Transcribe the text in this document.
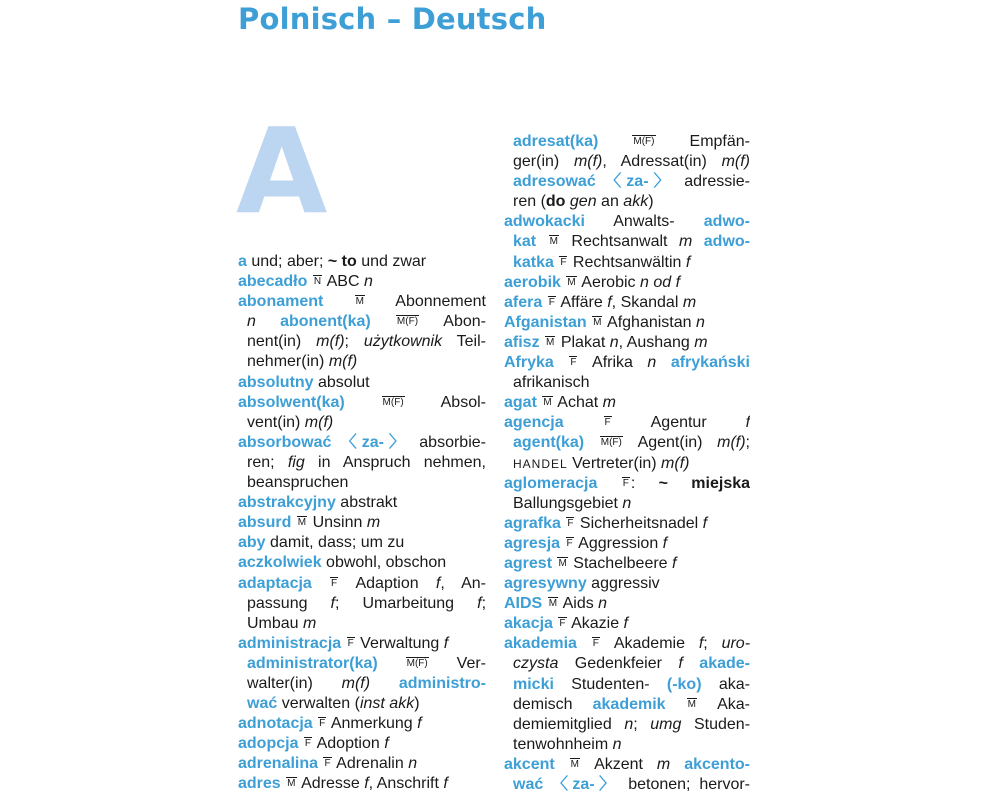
Polnisch – Deutsch
A
a und; aber; ~ to und zwar
abecadło N ABC n
abonament	M Abonnement
n abonent(ka)	M(F) Abon-
nent(in) m(f); użytkownik Teil-
nehmer(in) m(f)
absolutny absolut
absolwent(ka)	M(F) Absol-
vent(in) m(f)
absorbować 〈za-〉 absorbie-
ren; fig in Anspruch nehmen,
beanspruchen
abstrakcyjny abstrakt
absurd M Unsinn m
aby damit, dass; um zu
aczkolwiek obwohl, obschon
adaptacja F Adaption f, An-
passung f; Umarbeitung f;
Umbau m
administracja F Verwaltung f
administrator(ka)	M(F) Ver-
walter(in) m(f) administro-
wać verwalten (inst akk)
adnotacja F Anmerkung f
adopcja F Adoption f
adrenalina F Adrenalin n
adres M Adresse f, Anschrift f
adresat(ka)	M(F) Empfän-
ger(in) m(f), Adressat(in) m(f)
adresować 〈za-〉 adressie-
ren (do gen an akk)
adwokacki Anwalts- adwo-
kat M Rechtsanwalt m adwo-
katka F Rechtsanwältin f
aerobik M Aerobic n od f
afera F Affäre f, Skandal m
Afganistan M Afghanistan n
afisz M Plakat n, Aushang m
Afryka F Afrika n afrykański
afrikanisch
agat M Achat m
agencja	F Agentur f
agent(ka) M(F) Agent(in) m(f);
HANDEL Vertreter(in) m(f)
aglomeracja	F : ~ miejska
Ballungsgebiet n
agrafka F Sicherheitsnadel f
agresja F Aggression f
agrest M Stachelbeere f
agresywny aggressiv
AIDS M Aids n
akacja F Akazie f
akademia F Akademie f; uro-
czysta Gedenkfeier f akade-
micki Studenten- (-ko) aka-
demisch akademik M Aka-
demiemitglied n; umg Studen-
tenwohnheim n
akcent M Akzent m akcento-
wać 〈za-〉 betonen; hervor-
